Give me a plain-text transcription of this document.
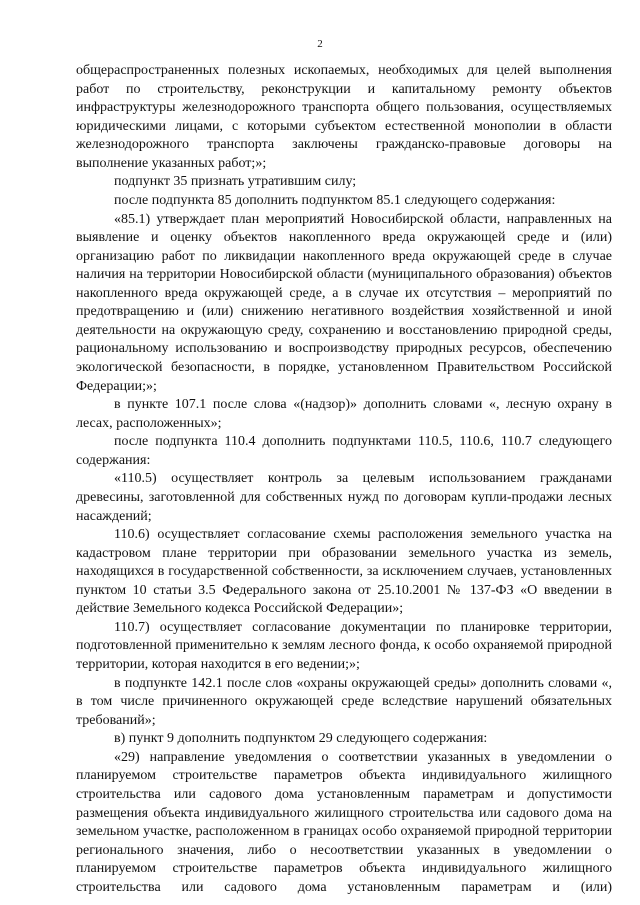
2

общераспространенных полезных ископаемых, необходимых для целей выполнения работ по строительству, реконструкции и капитальному ремонту объектов инфраструктуры железнодорожного транспорта общего пользования, осуществляемых юридическими лицами, с которыми субъектом естественной монополии в области железнодорожного транспорта заключены гражданско-правовые договоры на выполнение указанных работ;»;

подпункт 35 признать утратившим силу;

после подпункта 85 дополнить подпунктом 85.1 следующего содержания:

«85.1) утверждает план мероприятий Новосибирской области, направленных на выявление и оценку объектов накопленного вреда окружающей среде и (или) организацию работ по ликвидации накопленного вреда окружающей среде в случае наличия на территории Новосибирской области (муниципального образования) объектов накопленного вреда окружающей среде, а в случае их отсутствия – мероприятий по предотвращению и (или) снижению негативного воздействия хозяйственной и иной деятельности на окружающую среду, сохранению и восстановлению природной среды, рациональному использованию и воспроизводству природных ресурсов, обеспечению экологической безопасности, в порядке, установленном Правительством Российской Федерации;»;

в пункте 107.1 после слова «(надзор)» дополнить словами «, лесную охрану в лесах, расположенных»;

после подпункта 110.4 дополнить подпунктами 110.5, 110.6, 110.7 следующего содержания:

«110.5) осуществляет контроль за целевым использованием гражданами древесины, заготовленной для собственных нужд по договорам купли-продажи лесных насаждений;

110.6) осуществляет согласование схемы расположения земельного участка на кадастровом плане территории при образовании земельного участка из земель, находящихся в государственной собственности, за исключением случаев, установленных пунктом 10 статьи 3.5 Федерального закона от 25.10.2001 № 137-ФЗ «О введении в действие Земельного кодекса Российской Федерации»;

110.7) осуществляет согласование документации по планировке территории, подготовленной применительно к землям лесного фонда, к особо охраняемой природной территории, которая находится в его ведении;»;

в подпункте 142.1 после слов «охраны окружающей среды» дополнить словами «, в том числе причиненного окружающей среде вследствие нарушений обязательных требований»;

в) пункт 9 дополнить подпунктом 29 следующего содержания:

«29) направление уведомления о соответствии указанных в уведомлении о планируемом строительстве параметров объекта индивидуального жилищного строительства или садового дома установленным параметрам и допустимости размещения объекта индивидуального жилищного строительства или садового дома на земельном участке, расположенном в границах особо охраняемой природной территории регионального значения, либо о несоответствии указанных в уведомлении о планируемом строительстве параметров объекта индивидуального жилищного строительства или садового дома установленным параметрам и (или)
